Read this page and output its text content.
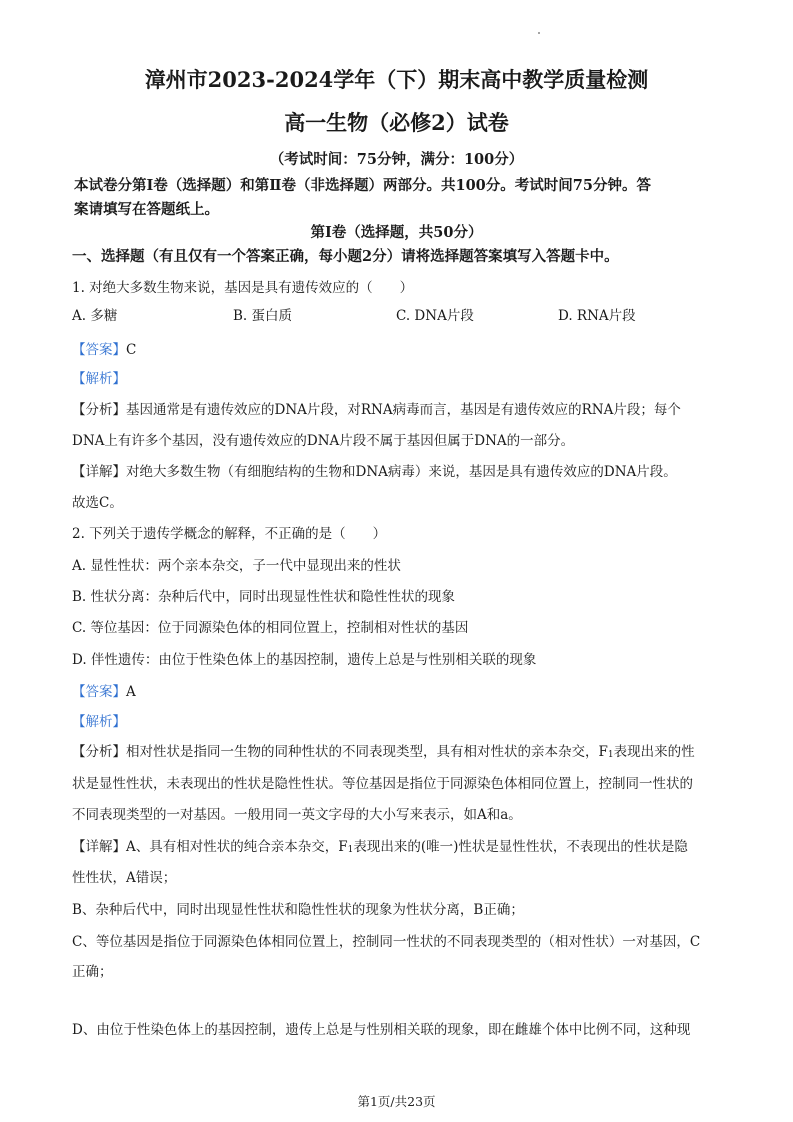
漳州市2023-2024学年（下）期末高中教学质量检测
高一生物（必修2）试卷
（考试时间：75分钟，满分：100分）
本试卷分第Ⅰ卷（选择题）和第Ⅱ卷（非选择题）两部分。共100分。考试时间75分钟。答
案请填写在答题纸上。
第Ⅰ卷（选择题，共50分）
一、选择题（有且仅有一个答案正确，每小题2分）请将选择题答案填写入答题卡中。
1. 对绝大多数生物来说，基因是具有遗传效应的（　　）
A. 多糖	B. 蛋白质	C. DNA片段	D. RNA片段
【答案】C
【解析】
【分析】基因通常是有遗传效应的DNA片段，对RNA病毒而言，基因是有遗传效应的RNA片段；每个
DNA上有许多个基因，没有遗传效应的DNA片段不属于基因但属于DNA的一部分。
【详解】对绝大多数生物（有细胞结构的生物和DNA病毒）来说，基因是具有遗传效应的DNA片段。
故选C。
2. 下列关于遗传学概念的解释，不正确的是（　　）
A. 显性性状：两个亲本杂交，子一代中显现出来的性状
B. 性状分离：杂种后代中，同时出现显性性状和隐性性状的现象
C. 等位基因：位于同源染色体的相同位置上，控制相对性状的基因
D. 伴性遗传：由位于性染色体上的基因控制，遗传上总是与性别相关联的现象
【答案】A
【解析】
【分析】相对性状是指同一生物的同种性状的不同表现类型，具有相对性状的亲本杂交，$F_1$表现出来的性
状是显性性状，未表现出的性状是隐性性状。等位基因是指位于同源染色体相同位置上，控制同一性状的
不同表现类型的一对基因。一般用同一英文字母的大小写来表示，如A和a。
【详解】A、具有相对性状的纯合亲本杂交，$F_1$表现出来的(唯一)性状是显性性状，不表现出的性状是隐
性性状，A错误；
B、杂种后代中，同时出现显性性状和隐性性状的现象为性状分离，B正确；
C、等位基因是指位于同源染色体相同位置上，控制同一性状的不同表现类型的（相对性状）一对基因，C
正确；
D、由位于性染色体上的基因控制，遗传上总是与性别相关联的现象，即在雌雄个体中比例不同，这种现
第1页/共23页
